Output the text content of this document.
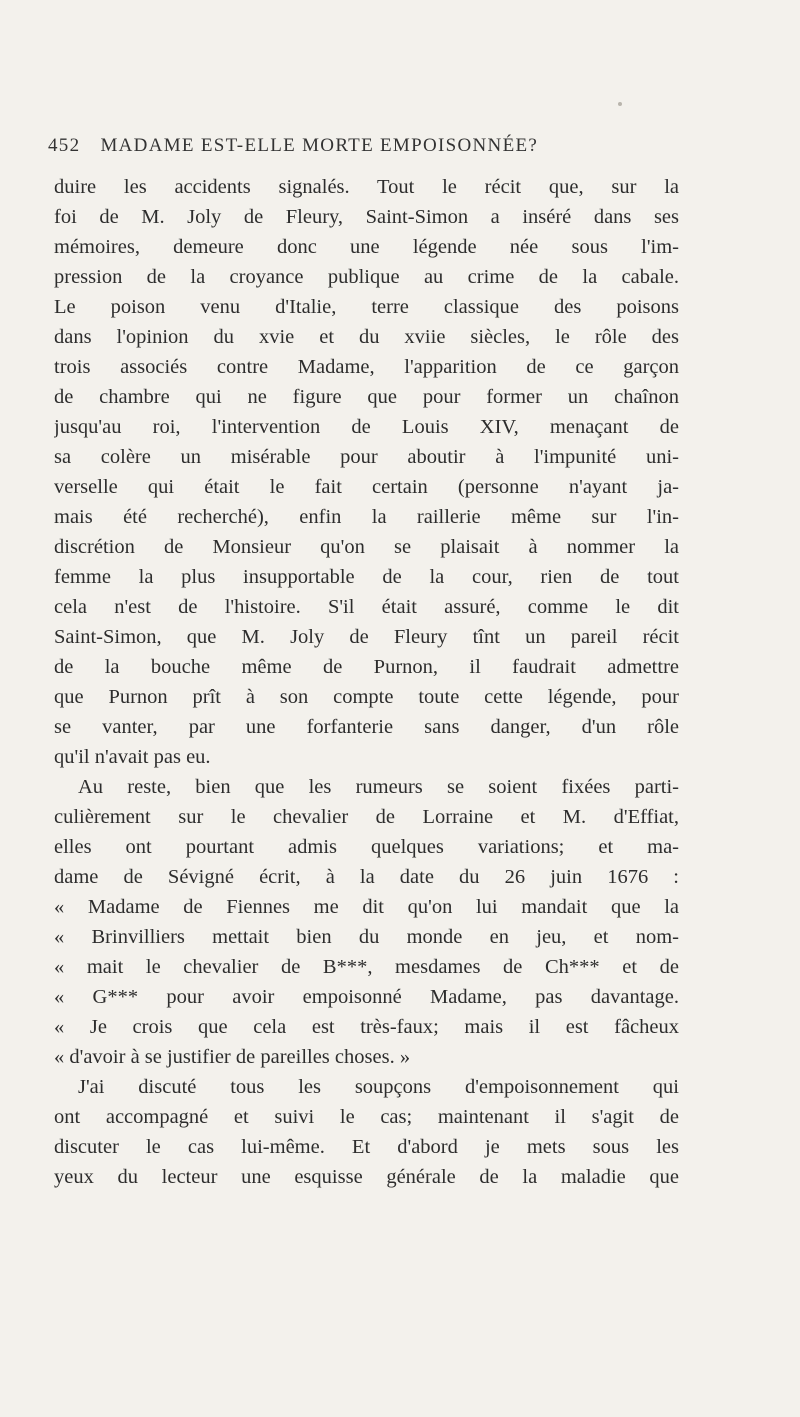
452 MADAME EST-ELLE MORTE EMPOISONNÉE?
duire les accidents signalés. Tout le récit que, sur la
foi de M. Joly de Fleury, Saint-Simon a inséré dans ses
mémoires, demeure donc une légende née sous l'im-
pression de la croyance publique au crime de la cabale.
Le poison venu d'Italie, terre classique des poisons
dans l'opinion du xvie et du xviie siècles, le rôle des
trois associés contre Madame, l'apparition de ce garçon
de chambre qui ne figure que pour former un chaînon
jusqu'au roi, l'intervention de Louis XIV, menaçant de
sa colère un misérable pour aboutir à l'impunité uni-
verselle qui était le fait certain (personne n'ayant ja-
mais été recherché), enfin la raillerie même sur l'in-
discrétion de Monsieur qu'on se plaisait à nommer la
femme la plus insupportable de la cour, rien de tout
cela n'est de l'histoire. S'il était assuré, comme le dit
Saint-Simon, que M. Joly de Fleury tînt un pareil récit
de la bouche même de Purnon, il faudrait admettre
que Purnon prît à son compte toute cette légende, pour
se vanter, par une forfanterie sans danger, d'un rôle
qu'il n'avait pas eu.
Au reste, bien que les rumeurs se soient fixées parti-
culièrement sur le chevalier de Lorraine et M. d'Effiat,
elles ont pourtant admis quelques variations; et ma-
dame de Sévigné écrit, à la date du 26 juin 1676 :
« Madame de Fiennes me dit qu'on lui mandait que la
« Brinvilliers mettait bien du monde en jeu, et nom-
« mait le chevalier de B***, mesdames de Ch*** et de
« G*** pour avoir empoisonné Madame, pas davantage.
« Je crois que cela est très-faux; mais il est fâcheux
« d'avoir à se justifier de pareilles choses. »
J'ai discuté tous les soupçons d'empoisonnement qui
ont accompagné et suivi le cas; maintenant il s'agit de
discuter le cas lui-même. Et d'abord je mets sous les
yeux du lecteur une esquisse générale de la maladie que
